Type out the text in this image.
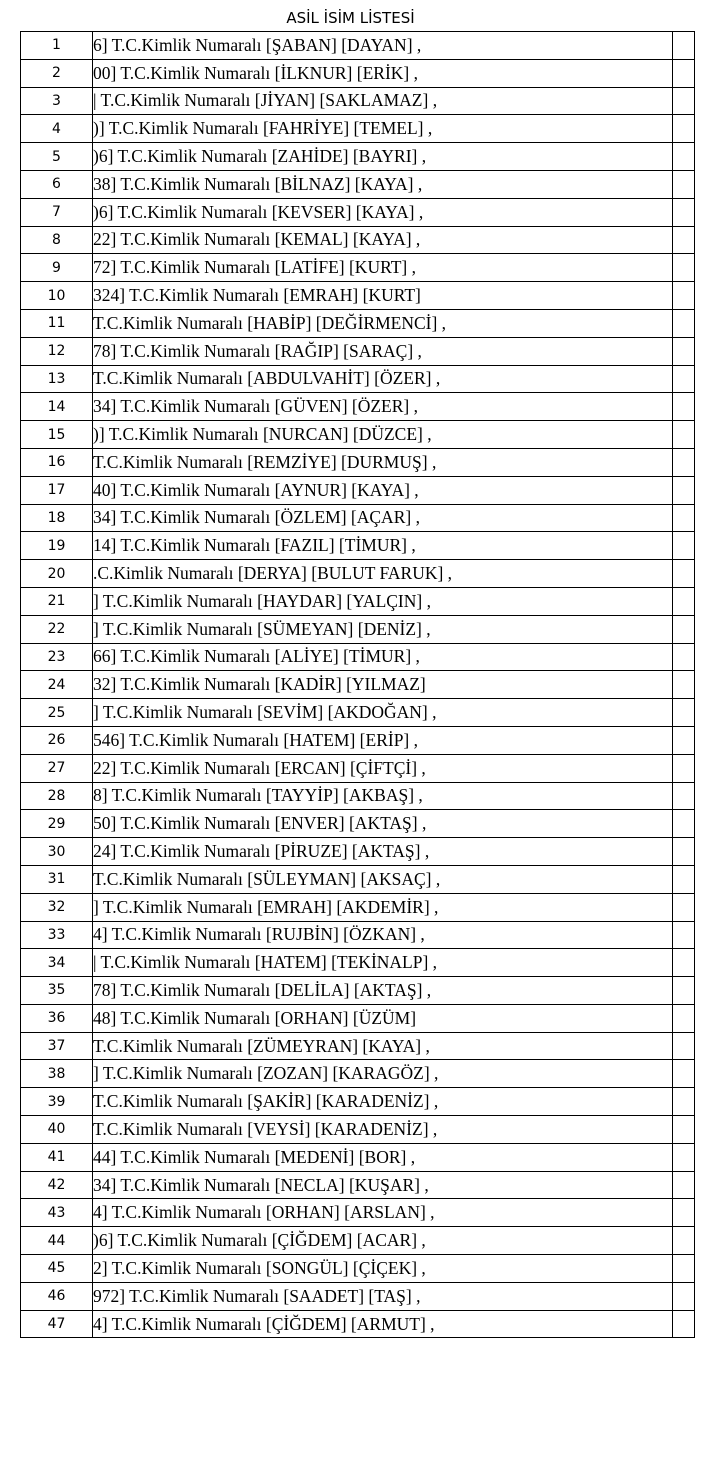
ASİL İSİM LİSTESİ
1	6] T.C.Kimlik Numaralı [ŞABAN] [DAYAN] ,	
2	00] T.C.Kimlik Numaralı [İLKNUR] [ERİK] ,	
3	| T.C.Kimlik Numaralı [JİYAN] [SAKLAMAZ] ,	
4	)] T.C.Kimlik Numaralı [FAHRİYE] [TEMEL] ,	
5	)6] T.C.Kimlik Numaralı [ZAHİDE] [BAYRI] ,	
6	38] T.C.Kimlik Numaralı [BİLNAZ] [KAYA] ,	
7	)6] T.C.Kimlik Numaralı [KEVSER] [KAYA] ,	
8	22] T.C.Kimlik Numaralı [KEMAL] [KAYA] ,	
9	72] T.C.Kimlik Numaralı [LATİFE] [KURT] ,	
10	324] T.C.Kimlik Numaralı [EMRAH] [KURT]	
11	T.C.Kimlik Numaralı [HABİP] [DEĞİRMENCİ] ,	
12	78] T.C.Kimlik Numaralı [RAĞIP] [SARAÇ] ,	
13	T.C.Kimlik Numaralı [ABDULVAHİT] [ÖZER] ,	
14	34] T.C.Kimlik Numaralı [GÜVEN] [ÖZER] ,	
15	)] T.C.Kimlik Numaralı [NURCAN] [DÜZCE] ,	
16	T.C.Kimlik Numaralı [REMZİYE] [DURMUŞ] ,	
17	40] T.C.Kimlik Numaralı [AYNUR] [KAYA] ,	
18	34] T.C.Kimlik Numaralı [ÖZLEM] [AÇAR] ,	
19	14] T.C.Kimlik Numaralı [FAZIL] [TİMUR] ,	
20	.C.Kimlik Numaralı [DERYA] [BULUT FARUK] ,	
21	] T.C.Kimlik Numaralı [HAYDAR] [YALÇIN] ,	
22	] T.C.Kimlik Numaralı [SÜMEYAN] [DENİZ] ,	
23	66] T.C.Kimlik Numaralı [ALİYE] [TİMUR] ,	
24	32] T.C.Kimlik Numaralı [KADİR] [YILMAZ]	
25	] T.C.Kimlik Numaralı [SEVİM] [AKDOĞAN] ,	
26	546] T.C.Kimlik Numaralı [HATEM] [ERİP] ,	
27	22] T.C.Kimlik Numaralı [ERCAN] [ÇİFTÇİ] ,	
28	8] T.C.Kimlik Numaralı [TAYYİP] [AKBAŞ] ,	
29	50] T.C.Kimlik Numaralı [ENVER] [AKTAŞ] ,	
30	24] T.C.Kimlik Numaralı [PİRUZE] [AKTAŞ] ,	
31	T.C.Kimlik Numaralı [SÜLEYMAN] [AKSAÇ] ,	
32	] T.C.Kimlik Numaralı [EMRAH] [AKDEMİR] ,	
33	4] T.C.Kimlik Numaralı [RUJBİN] [ÖZKAN] ,	
34	| T.C.Kimlik Numaralı [HATEM] [TEKİNALP] ,	
35	78] T.C.Kimlik Numaralı [DELİLA] [AKTAŞ] ,	
36	48] T.C.Kimlik Numaralı [ORHAN] [ÜZÜM]	
37	T.C.Kimlik Numaralı [ZÜMEYRAN] [KAYA] ,	
38	] T.C.Kimlik Numaralı [ZOZAN] [KARAGÖZ] ,	
39	T.C.Kimlik Numaralı [ŞAKİR] [KARADENİZ] ,	
40	T.C.Kimlik Numaralı [VEYSİ] [KARADENİZ] ,	
41	44] T.C.Kimlik Numaralı [MEDENİ] [BOR] ,	
42	34] T.C.Kimlik Numaralı [NECLA] [KUŞAR] ,	
43	4] T.C.Kimlik Numaralı [ORHAN] [ARSLAN] ,	
44	)6] T.C.Kimlik Numaralı [ÇİĞDEM] [ACAR] ,	
45	2] T.C.Kimlik Numaralı [SONGÜL] [ÇİÇEK] ,	
46	972] T.C.Kimlik Numaralı [SAADET] [TAŞ] ,	
47	4] T.C.Kimlik Numaralı [ÇİĞDEM] [ARMUT] ,	
